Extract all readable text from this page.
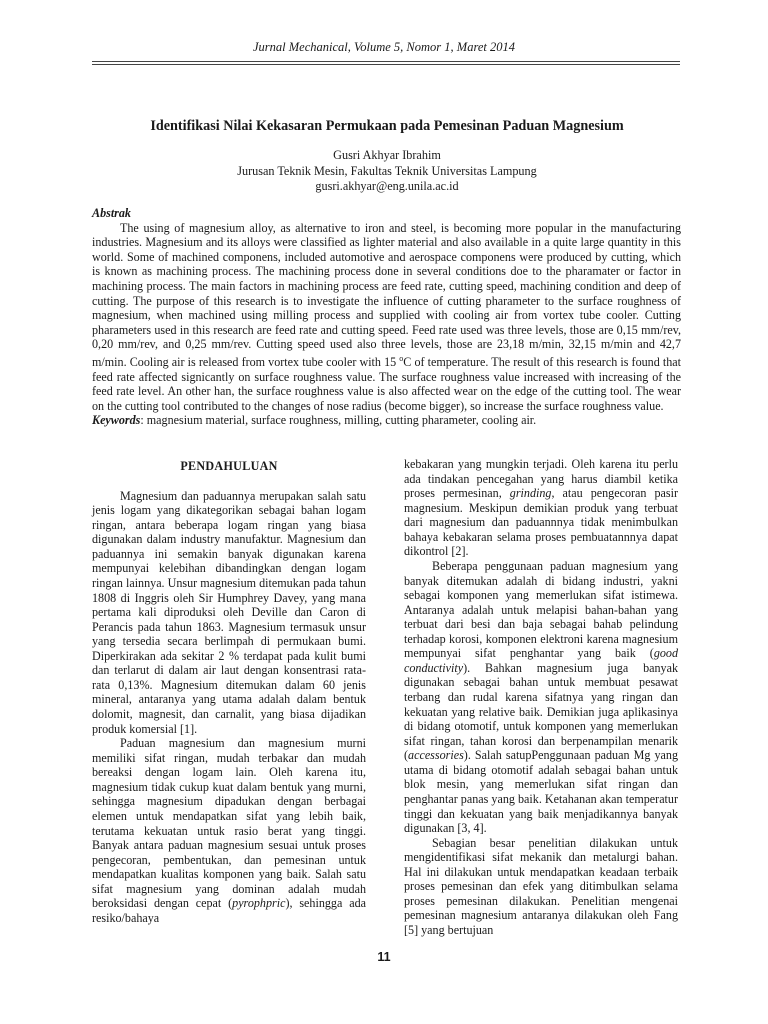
Jurnal Mechanical, Volume 5, Nomor 1, Maret 2014
Identifikasi Nilai Kekasaran Permukaan pada Pemesinan Paduan Magnesium
Gusri Akhyar Ibrahim
Jurusan Teknik Mesin, Fakultas Teknik Universitas Lampung
gusri.akhyar@eng.unila.ac.id
Abstrak

The using of magnesium alloy, as alternative to iron and steel, is becoming more popular in the manufacturing industries. Magnesium and its alloys were classified as lighter material and also available in a quite large quantity in this world. Some of machined componens, included automotive and aerospace componens were produced by cutting, which is known as machining process. The machining process done in several conditions doe to the pharamater or factor in machining process. The main factors in machining process are feed rate, cutting speed, machining condition and deep of cutting. The purpose of this research is to investigate the influence of cutting pharameter to the surface roughness of magnesium, when machined using milling process and supplied with cooling air from vortex tube cooler. Cutting pharameters used in this research are feed rate and cutting speed. Feed rate used was three levels, those are 0,15 mm/rev, 0,20 mm/rev, and 0,25 mm/rev. Cutting speed used also three levels, those are 23,18 m/min, 32,15 m/min and 42,7 m/min. Cooling air is released from vortex tube cooler with 15 $^o$C of temperature. The result of this research is found that feed rate affected signicantly on surface roughness value. The surface roughness value increased with increasing of the feed rate level. An other han, the surface roughness value is also affected wear on the edge of the cutting tool. The wear on the cutting tool contributed to the changes of nose radius (become bigger), so increase the surface roughness value.

Keywords: magnesium material, surface roughness, milling, cutting pharameter, cooling air.

PENDAHULUAN

Magnesium dan paduannya merupakan salah satu jenis logam yang dikategorikan sebagai bahan logam ringan, antara beberapa logam ringan yang biasa digunakan dalam industry manufaktur. Magnesium dan paduannya ini semakin banyak digunakan karena mempunyai kelebihan dibandingkan dengan logam ringan lainnya. Unsur magnesium ditemukan pada tahun 1808 di Inggris oleh Sir Humphrey Davey, yang mana pertama kali diproduksi oleh Deville dan Caron di Perancis pada tahun 1863. Magnesium termasuk unsur yang tersedia secara berlimpah di permukaan bumi. Diperkirakan ada sekitar 2 % terdapat pada kulit bumi dan terlarut di dalam air laut dengan konsentrasi rata-rata 0,13%. Magnesium ditemukan dalam 60 jenis mineral, antaranya yang utama adalah dalam bentuk dolomit, magnesit, dan carnalit, yang biasa dijadikan produk komersial [1].

Paduan magnesium dan magnesium murni memiliki sifat ringan, mudah terbakar dan mudah bereaksi dengan logam lain. Oleh karena itu, magnesium tidak cukup kuat dalam bentuk yang murni, sehingga magnesium dipadukan dengan berbagai elemen untuk mendapatkan sifat yang lebih baik, terutama kekuatan untuk rasio berat yang tinggi. Banyak antara paduan magnesium sesuai untuk proses pengecoran, pembentukan, dan pemesinan untuk mendapatkan kualitas komponen yang baik. Salah satu sifat magnesium yang dominan adalah mudah beroksidasi dengan cepat (pyrophpric), sehingga ada resiko/bahaya

kebakaran yang mungkin terjadi. Oleh karena itu perlu ada tindakan pencegahan yang harus diambil ketika proses permesinan, grinding, atau pengecoran pasir magnesium. Meskipun demikian produk yang terbuat dari magnesium dan paduannnya tidak menimbulkan bahaya kebakaran selama proses pembuatannnya dapat dikontrol [2].

Beberapa penggunaan paduan magnesium yang banyak ditemukan adalah di bidang industri, yakni sebagai komponen yang memerlukan sifat istimewa. Antaranya adalah untuk melapisi bahan-bahan yang terbuat dari besi dan baja sebagai bahab pelindung terhadap korosi, komponen elektroni karena magnesium mempunyai sifat penghantar yang baik (good conductivity). Bahkan magnesium juga banyak digunakan sebagai bahan untuk membuat pesawat terbang dan rudal karena sifatnya yang ringan dan kekuatan yang relative baik. Demikian juga aplikasinya di bidang otomotif, untuk komponen yang memerlukan sifat ringan, tahan korosi dan berpenampilan menarik (accessories). Salah satupPenggunaan paduan Mg yang utama di bidang otomotif adalah sebagai bahan untuk blok mesin, yang memerlukan sifat ringan dan penghantar panas yang baik. Ketahanan akan temperatur tinggi dan kekuatan yang baik menjadikannya banyak digunakan [3, 4].

Sebagian besar penelitian dilakukan untuk mengidentifikasi sifat mekanik dan metalurgi bahan. Hal ini dilakukan untuk mendapatkan keadaan terbaik proses pemesinan dan efek yang ditimbulkan selama proses pemesinan dilakukan. Penelitian mengenai pemesinan magnesium antaranya dilakukan oleh Fang [5] yang bertujuan

11
